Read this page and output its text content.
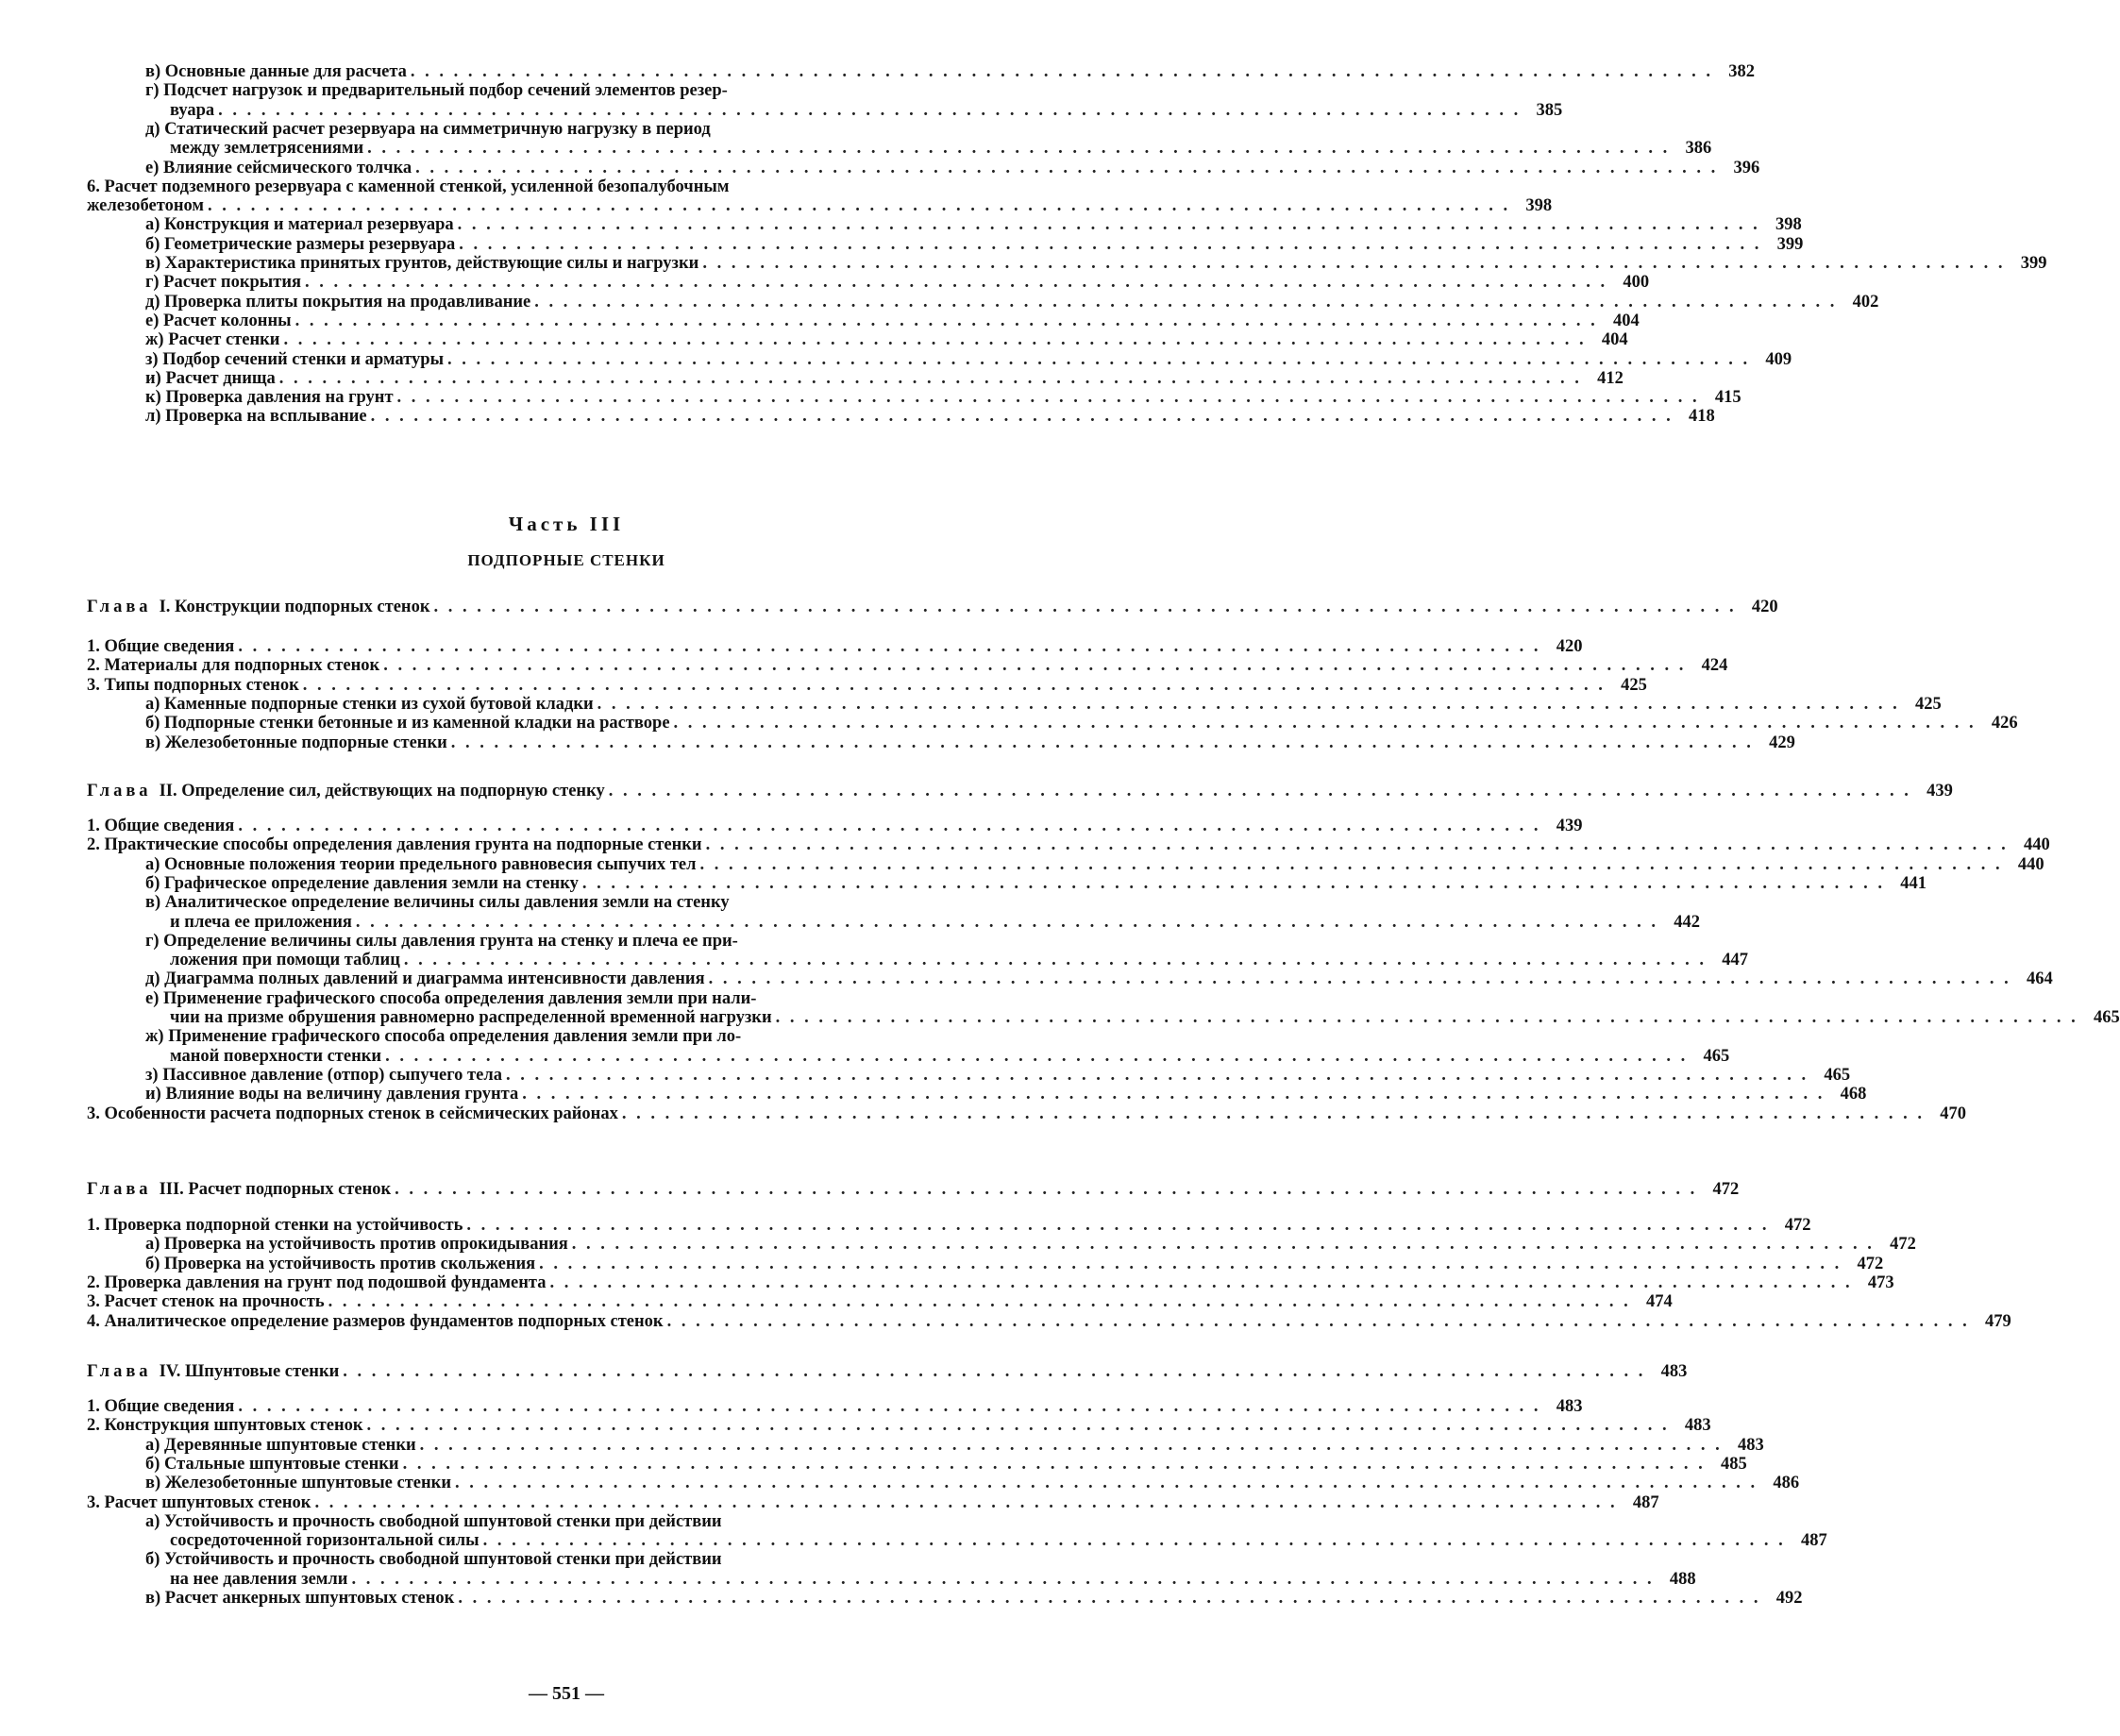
в) Основные данные для расчета . . .	382
г) Подсчет нагрузок и предварительный подбор сечений элементов резер-
вуара . . .	385
д) Статический расчет резервуара на симметричную нагрузку в период
между землетрясениями . . .	386
е) Влияние сейсмического толчка . . .	396
6. Расчет подземного резервуара с каменной стенкой, усиленной безопалубочным
железобетоном . . .	398
а) Конструкция и материал резервуара . . .	398
б) Геометрические размеры резервуара . . .	399
в) Характеристика принятых грунтов, действующие силы и нагрузки . . .	399
г) Расчет покрытия . . .	400
д) Проверка плиты покрытия на продавливание . . .	402
е) Расчет колонны . . .	404
ж) Расчет стенки . . .	404
з) Подбор сечений стенки и арматуры . . .	409
и) Расчет днища . . .	412
к) Проверка давления на грунт . . .	415
л) Проверка на всплывание . . .	418
Глава I. Конструкции подпорных стенок . . .	420
1. Общие сведения . . .	420
2. Материалы для подпорных стенок . . .	424
3. Типы подпорных стенок . . .	425
а) Каменные подпорные стенки из сухой бутовой кладки . . .	425
б) Подпорные стенки бетонные и из каменной кладки на растворе . . .	426
в) Железобетонные подпорные стенки . . .	429
Глава II. Определение сил, действующих на подпорную стенку . . .	439
1. Общие сведения . . .	439
2. Практические способы определения давления грунта на подпорные стенки . . .	440
а) Основные положения теории предельного равновесия сыпучих тел . . .	440
б) Графическое определение давления земли на стенку . . .	441
в) Аналитическое определение величины силы давления земли на стенку
и плеча ее приложения . . .	442
г) Определение величины силы давления грунта на стенку и плеча ее при-
ложения при помощи таблиц . . .	447
д) Диаграмма полных давлений и диаграмма интенсивности давления . . .	464
е) Применение графического способа определения давления земли при нали-
чии на призме обрушения равномерно распределенной временной нагрузки . . .	465
ж) Применение графического способа определения давления земли при ло-
маной поверхности стенки . . .	465
з) Пассивное давление (отпор) сыпучего тела . . .	465
и) Влияние воды на величину давления грунта . . .	468
3. Особенности расчета подпорных стенок в сейсмических районах . . .	470
Глава III. Расчет подпорных стенок . . .	472
1. Проверка подпорной стенки на устойчивость . . .	472
а) Проверка на устойчивость против опрокидывания . . .	472
б) Проверка на устойчивость против скольжения . . .	472
2. Проверка давления на грунт под подошвой фундамента . . .	473
3. Расчет стенок на прочность . . .	474
4. Аналитическое определение размеров фундаментов подпорных стенок . . .	479
Глава IV. Шпунтовые стенки . . .	483
1. Общие сведения . . .	483
2. Конструкция шпунтовых стенок . . .	483
а) Деревянные шпунтовые стенки . . .	483
б) Стальные шпунтовые стенки . . .	485
в) Железобетонные шпунтовые стенки . . .	486
3. Расчет шпунтовых стенок . . .	487
а) Устойчивость и прочность свободной шпунтовой стенки при действии
сосредоточенной горизонтальной силы . . .	487
б) Устойчивость и прочность свободной шпунтовой стенки при действии
на нее давления земли . . .	488
в) Расчет анкерных шпунтовых стенок . . .	492
Часть III
ПОДПОРНЫЕ СТЕНКИ
— 551 —
